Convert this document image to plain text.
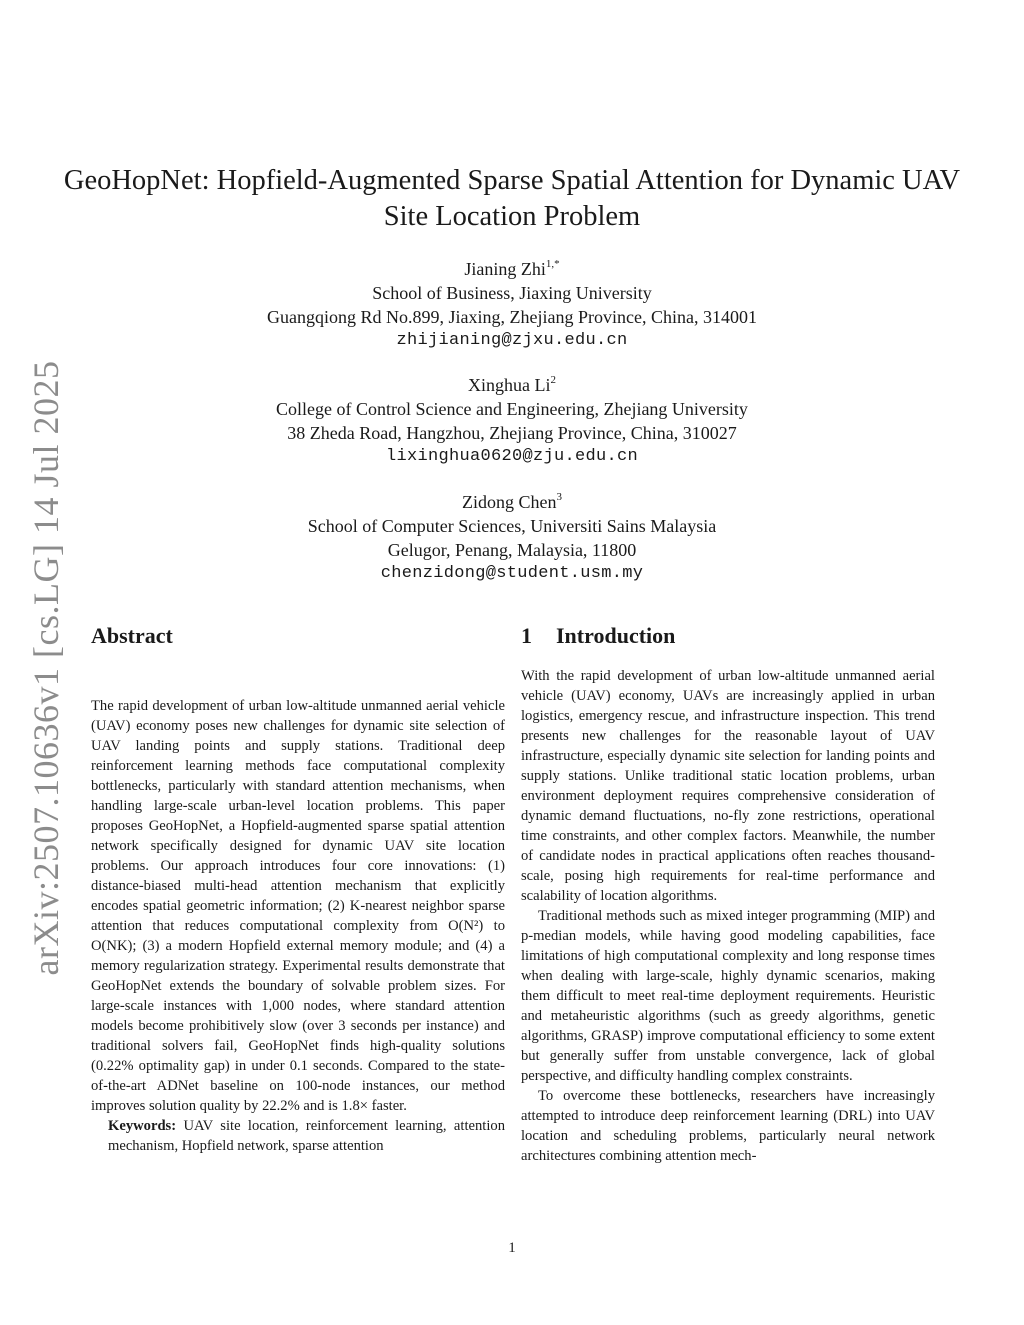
arXiv:2507.10636v1 [cs.LG] 14 Jul 2025
GeoHopNet: Hopfield-Augmented Sparse Spatial Attention for Dynamic UAV Site Location Problem
Jianing Zhi$^{1,*}$
School of Business, Jiaxing University
Guangqiong Rd No.899, Jiaxing, Zhejiang Province, China, 314001
zhijianing@zjxu.edu.cn
Xinghua Li$^2$
College of Control Science and Engineering, Zhejiang University
38 Zheda Road, Hangzhou, Zhejiang Province, China, 310027
lixinghua0620@zju.edu.cn
Zidong Chen$^3$
School of Computer Sciences, Universiti Sains Malaysia
Gelugor, Penang, Malaysia, 11800
chenzidong@student.usm.my
Abstract

The rapid development of urban low-altitude unmanned aerial vehicle (UAV) economy poses new challenges for dynamic site selection of UAV landing points and supply stations. Traditional deep reinforcement learning methods face computational complexity bottlenecks, particularly with standard attention mechanisms, when handling large-scale urban-level location problems. This paper proposes GeoHopNet, a Hopfield-augmented sparse spatial attention network specifically designed for dynamic UAV site location problems. Our approach introduces four core innovations: (1) distance-biased multi-head attention mechanism that explicitly encodes spatial geometric information; (2) K-nearest neighbor sparse attention that reduces computational complexity from O(N²) to O(NK); (3) a modern Hopfield external memory module; and (4) a memory regularization strategy. Experimental results demonstrate that GeoHopNet extends the boundary of solvable problem sizes. For large-scale instances with 1,000 nodes, where standard attention models become prohibitively slow (over 3 seconds per instance) and traditional solvers fail, GeoHopNet finds high-quality solutions (0.22% optimality gap) in under 0.1 seconds. Compared to the state-of-the-art ADNet baseline on 100-node instances, our method improves solution quality by 22.2% and is 1.8× faster.

Keywords: UAV site location, reinforcement learning, attention mechanism, Hopfield network, sparse attention

1 Introduction

With the rapid development of urban low-altitude unmanned aerial vehicle (UAV) economy, UAVs are increasingly applied in urban logistics, emergency rescue, and infrastructure inspection. This trend presents new challenges for the reasonable layout of UAV infrastructure, especially dynamic site selection for landing points and supply stations. Unlike traditional static location problems, urban environment deployment requires comprehensive consideration of dynamic demand fluctuations, no-fly zone restrictions, operational time constraints, and other complex factors. Meanwhile, the number of candidate nodes in practical applications often reaches thousand-scale, posing high requirements for real-time performance and scalability of location algorithms.

Traditional methods such as mixed integer programming (MIP) and p-median models, while having good modeling capabilities, face limitations of high computational complexity and long response times when dealing with large-scale, highly dynamic scenarios, making them difficult to meet real-time deployment requirements. Heuristic and metaheuristic algorithms (such as greedy algorithms, genetic algorithms, GRASP) improve computational efficiency to some extent but generally suffer from unstable convergence, lack of global perspective, and difficulty handling complex constraints.

To overcome these bottlenecks, researchers have increasingly attempted to introduce deep reinforcement learning (DRL) into UAV location and scheduling problems, particularly neural network architectures combining attention mech-

1
